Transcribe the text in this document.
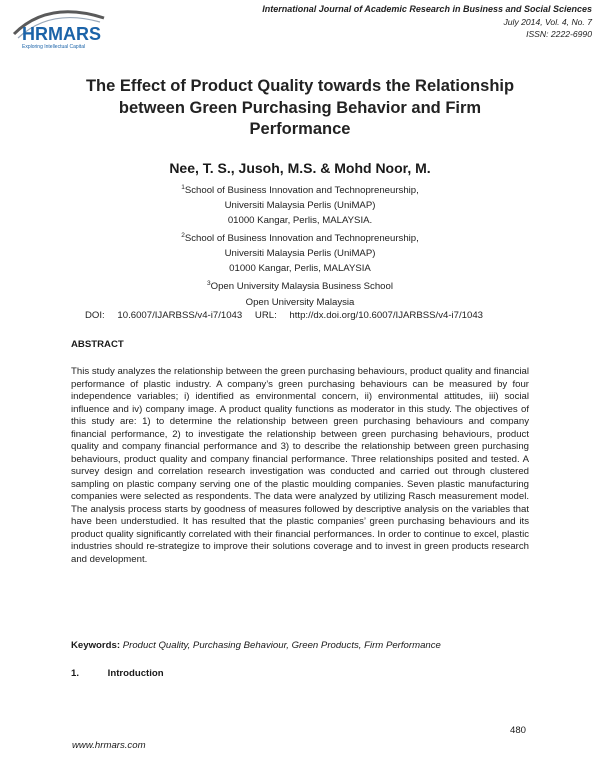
HRMARS
Exploring Intellectual Capital
International Journal of Academic Research in Business and Social Sciences
July 2014, Vol. 4, No. 7
ISSN: 2222-6990
The Effect of Product Quality towards the Relationship
between Green Purchasing Behavior and Firm
Performance
Nee, T. S., Jusoh, M.S. & Mohd Noor, M.
$^1$School of Business Innovation and Technopreneurship,
Universiti Malaysia Perlis (UniMAP)
01000 Kangar, Perlis, MALAYSIA.
$^2$School of Business Innovation and Technopreneurship,
Universiti Malaysia Perlis (UniMAP)
01000 Kangar, Perlis, MALAYSIA
$^3$Open University Malaysia Business School
Open University Malaysia
DOI: 10.6007/IJARBSS/v4-i7/1043 URL: http://dx.doi.org/10.6007/IJARBSS/v4-i7/1043
ABSTRACT

This study analyzes the relationship between the green purchasing behaviours, product quality and financial performance of plastic industry. A company’s green purchasing behaviours can be measured by four independence variables; i) identified as environmental concern, ii) environmental attitudes, iii) social influence and iv) company image. A product quality functions as moderator in this study. The objectives of this study are: 1) to determine the relationship between green purchasing behaviours and company financial performance, 2) to investigate the relationship between green purchasing behaviours, product quality and company financial performance and 3) to describe the relationship between green purchasing behaviours, product quality and company financial performance. Three relationships posited and tested. A survey design and correlation research investigation was conducted and carried out through clustered sampling on plastic company serving one of the plastic moulding companies. Seven plastic manufacturing companies were selected as respondents. The data were analyzed by utilizing Rasch measurement model. The analysis process starts by goodness of measures followed by descriptive analysis on the variables that have been understudied. It has resulted that the plastic companies’ green purchasing behaviours and its product quality significantly correlated with their financial performances. In order to continue to excel, plastic industries should re-strategize to improve their solutions coverage and to invest in green products research and development.

Keywords: Product Quality, Purchasing Behaviour, Green Products, Firm Performance
1.	Introduction
480
www.hrmars.com
